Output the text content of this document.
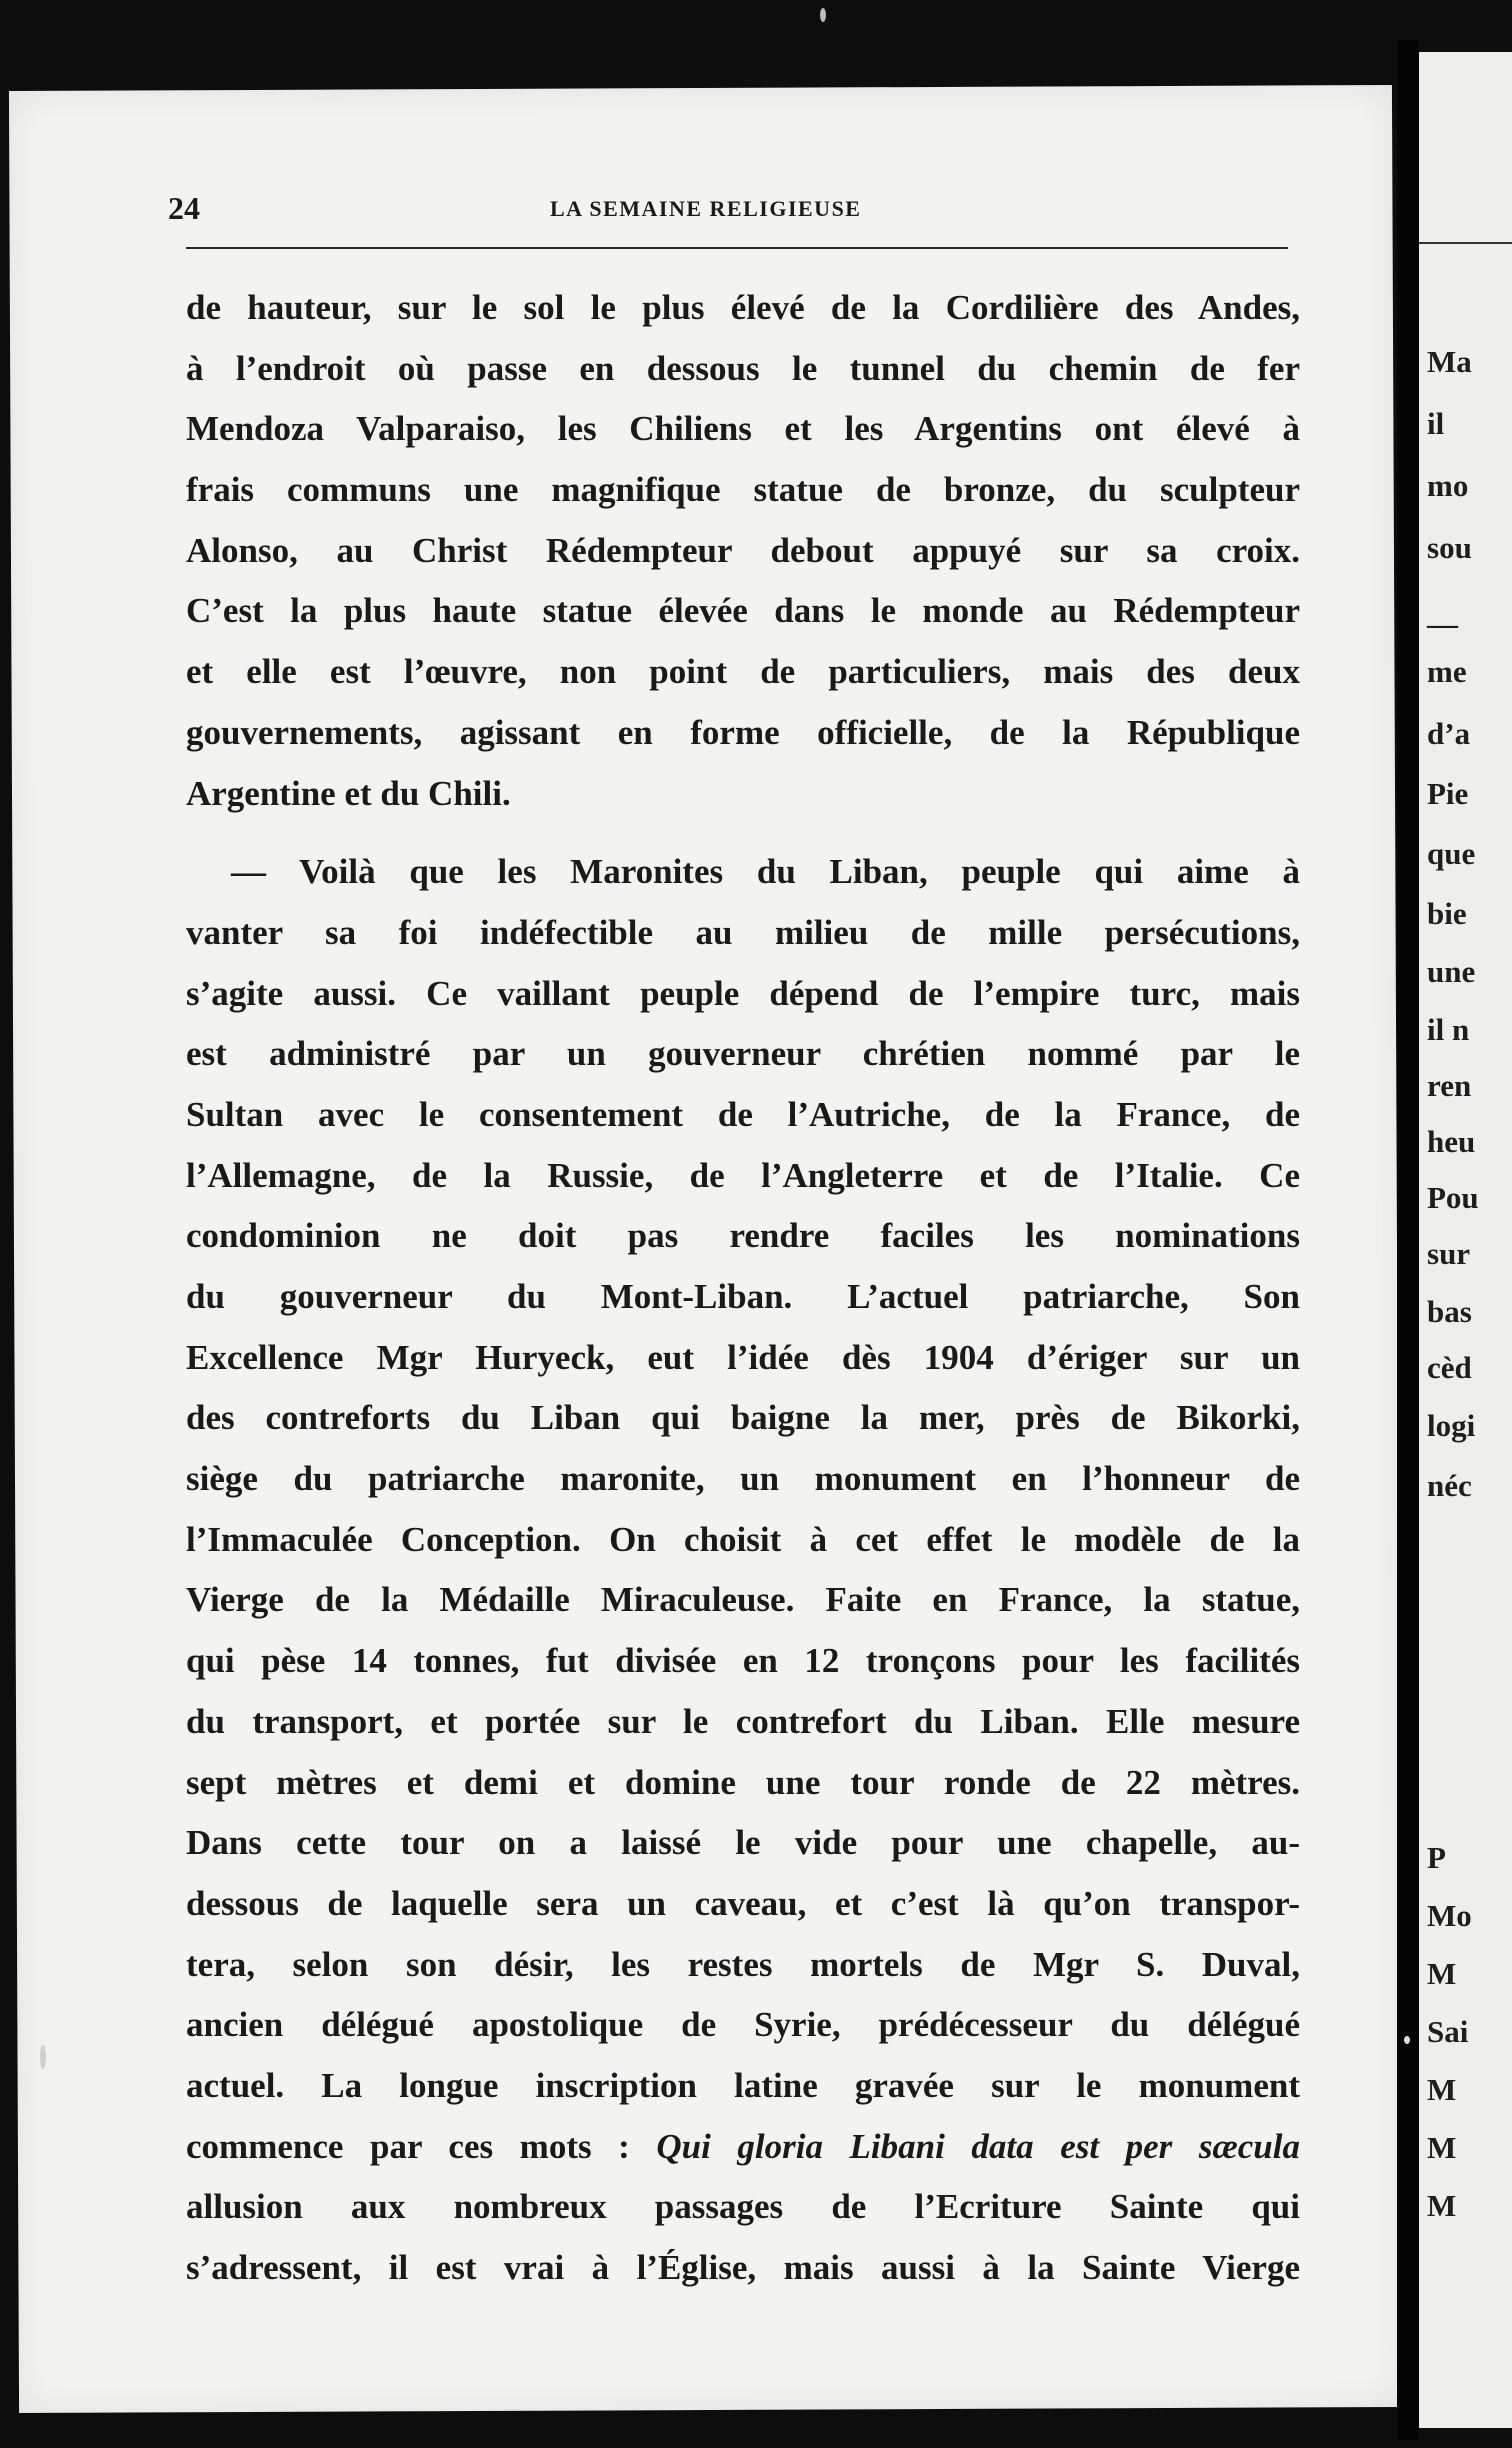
24	LA SEMAINE RELIGIEUSE
de hauteur, sur le sol le plus élevé de la Cordilière des Andes,
à l’endroit où passe en dessous le tunnel du chemin de fer
Mendoza Valparaiso, les Chiliens et les Argentins ont élevé à
frais communs une magnifique statue de bronze, du sculpteur
Alonso, au Christ Rédempteur debout appuyé sur sa croix.
C’est la plus haute statue élevée dans le monde au Rédempteur
et elle est l’œuvre, non point de particuliers, mais des deux
gouvernements, agissant en forme officielle, de la République
Argentine et du Chili.
— Voilà que les Maronites du Liban, peuple qui aime à
vanter sa foi indéfectible au milieu de mille persécutions,
s’agite aussi. Ce vaillant peuple dépend de l’empire turc, mais
est administré par un gouverneur chrétien nommé par le
Sultan avec le consentement de l’Autriche, de la France, de
l’Allemagne, de la Russie, de l’Angleterre et de l’Italie. Ce
condominion ne doit pas rendre faciles les nominations
du gouverneur du Mont-Liban. L’actuel patriarche, Son
Excellence Mgr Huryeck, eut l’idée dès 1904 d’ériger sur un
des contreforts du Liban qui baigne la mer, près de Bikorki,
siège du patriarche maronite, un monument en l’honneur de
l’Immaculée Conception. On choisit à cet effet le modèle de la
Vierge de la Médaille Miraculeuse. Faite en France, la statue,
qui pèse 14 tonnes, fut divisée en 12 tronçons pour les facilités
du transport, et portée sur le contrefort du Liban. Elle mesure
sept mètres et demi et domine une tour ronde de 22 mètres.
Dans cette tour on a laissé le vide pour une chapelle, au-
dessous de laquelle sera un caveau, et c’est là qu’on transpor-
tera, selon son désir, les restes mortels de Mgr S. Duval,
ancien délégué apostolique de Syrie, prédécesseur du délégué
actuel. La longue inscription latine gravée sur le monument
commence par ces mots : Qui gloria Libani data est per sæcula
allusion aux nombreux passages de l’Ecriture Sainte qui
s’adressent, il est vrai à l’Église, mais aussi à la Sainte Vierge
Ma
il
mo
sou
—
me
d’a
Pie
que
bie
une
il n
ren
heu
Pou
sur
bas
cèd
logi
néc
P
Mo
M
Sai
M
M
M
